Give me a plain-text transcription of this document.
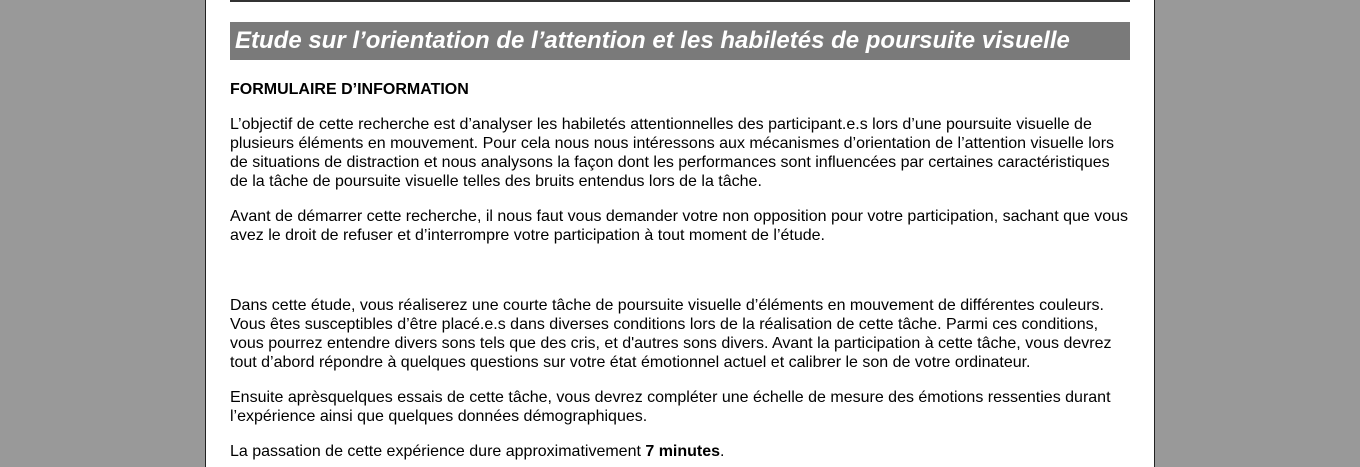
Etude sur l’orientation de l’attention et les habiletés de poursuite visuelle
FORMULAIRE D’INFORMATION

L’objectif de cette recherche est d’analyser les habiletés attentionnelles des participant.e.s lors d’une poursuite visuelle de plusieurs éléments en mouvement. Pour cela nous nous intéressons aux mécanismes d’orientation de l’attention visuelle lors de situations de distraction et nous analysons la façon dont les performances sont influencées par certaines caractéristiques de la tâche de poursuite visuelle telles des bruits entendus lors de la tâche.

Avant de démarrer cette recherche, il nous faut vous demander votre non opposition pour votre participation, sachant que vous avez le droit de refuser et d’interrompre votre participation à tout moment de l’étude.

Dans cette étude, vous réaliserez une courte tâche de poursuite visuelle d’éléments en mouvement de différentes couleurs. Vous êtes susceptibles d’être placé.e.s dans diverses conditions lors de la réalisation de cette tâche. Parmi ces conditions, vous pourrez entendre divers sons tels que des cris, et d'autres sons divers. Avant la participation à cette tâche, vous devrez tout d’abord répondre à quelques questions sur votre état émotionnel actuel et calibrer le son de votre ordinateur.

Ensuite aprèsquelques essais de cette tâche, vous devrez compléter une échelle de mesure des émotions ressenties durant l’expérience ainsi que quelques données démographiques.

La passation de cette expérience dure approximativement 7 minutes.
